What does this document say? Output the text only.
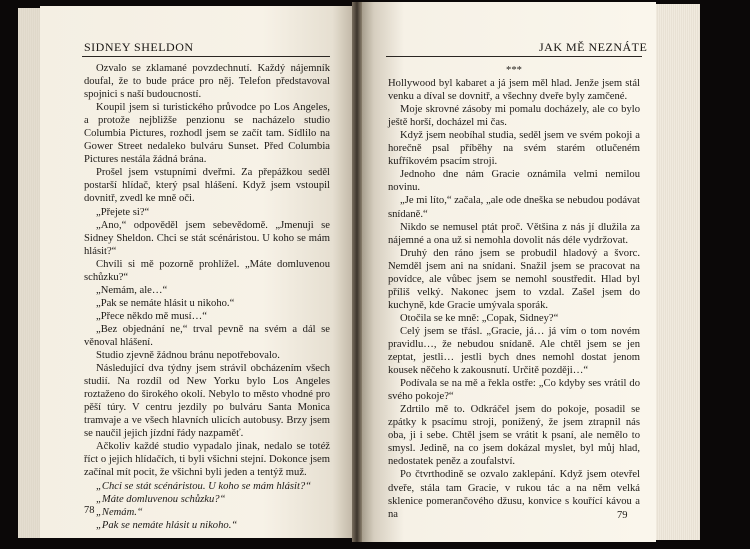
SIDNEY SHELDON

Ozvalo se zklamané povzdechnutí. Každý nájemník doufal, že to bude práce pro něj. Telefon představoval spojnici s naší budoucností.

Koupil jsem si turistického průvodce po Los Angeles, a protože nejbližše penzionu se nacházelo studio Columbia Pictures, rozhodl jsem se začít tam. Sídlilo na Gower Street nedaleko bulváru Sunset. Před Columbia Pictures nestála žádná brána.

Prošel jsem vstupními dveřmi. Za přepážkou seděl postarší hlídač, který psal hlášení. Když jsem vstoupil dovnitř, zvedl ke mně oči.

„Přejete si?“

„Ano,“ odpověděl jsem sebevědomě. „Jmenuji se Sidney Sheldon. Chci se stát scénáristou. U koho se mám hlásit?“

Chvíli si mě pozorně prohlížel. „Máte domluvenou schůzku?“

„Nemám, ale…“

„Pak se nemáte hlásit u nikoho.“

„Přece někdo mě musí…“

„Bez objednání ne,“ trval pevně na svém a dál se věnoval hlášení.

Studio zjevně žádnou bránu nepotřebovalo.

Následující dva týdny jsem strávil obcházením všech studií. Na rozdíl od New Yorku bylo Los Angeles roztaženo do širokého okolí. Nebylo to město vhodné pro pěší túry. V centru jezdily po bulváru Santa Monica tramvaje a ve všech hlavních ulicích autobusy. Brzy jsem se naučil jejich jízdní řády nazpaměť.

Ačkoliv každé studio vypadalo jinak, nedalo se totéž říct o jejich hlídačích, ti byli všichni stejní. Dokonce jsem začínal mít pocit, že všichni byli jeden a tentýž muž.

„Chci se stát scénáristou. U koho se mám hlásit?“

„Máte domluvenou schůzku?“

„Nemám.“

„Pak se nemáte hlásit u nikoho.“

78
JAK MĚ NEZNÁTE

***

Hollywood byl kabaret a já jsem měl hlad. Jenže jsem stál venku a díval se dovnitř, a všechny dveře byly zamčené.

Moje skrovné zásoby mi pomalu docházely, ale co bylo ještě horší, docházel mi čas.

Když jsem neobíhal studia, seděl jsem ve svém pokoji a horečně psal příběhy na svém starém otlučeném kufříkovém psacím stroji.

Jednoho dne nám Gracie oznámila velmi nemilou novinu.

„Je mi líto,“ začala, „ale ode dneška se nebudou podávat snídaně.“

Nikdo se nemusel ptát proč. Většina z nás jí dlužila za nájemné a ona už si nemohla dovolit nás déle vydržovat.

Druhý den ráno jsem se probudil hladový a švorc. Nemděl jsem ani na snídani. Snažil jsem se pracovat na povídce, ale vůbec jsem se nemohl soustředit. Hlad byl příliš velký. Nakonec jsem to vzdal. Zašel jsem do kuchyně, kde Gracie umývala sporák.

Otočila se ke mně: „Copak, Sidney?“

Celý jsem se třásl. „Gracie, já… já vím o tom novém pravidlu…, že nebudou snídaně. Ale chtěl jsem se jen zeptat, jestli… jestli bych dnes nemohl dostat jenom kousek něčeho k zakousnutí. Určitě později…“

Podívala se na mě a řekla ostře: „Co kdyby ses vrátil do svého pokoje?“

Zdrtilo mě to. Odkráčel jsem do pokoje, posadil se zpátky k psacímu stroji, ponížený, že jsem ztrapnil nás oba, ji i sebe. Chtěl jsem se vrátit k psaní, ale nemělo to smysl. Jedině, na co jsem dokázal myslet, byl můj hlad, nedostatek peněz a zoufalství.

Po čtvrthodině se ozvalo zaklepání. Když jsem otevřel dveře, stála tam Gracie, v rukou tác a na něm velká sklenice pomerančového džusu, konvice s kouřící kávou a na	79
